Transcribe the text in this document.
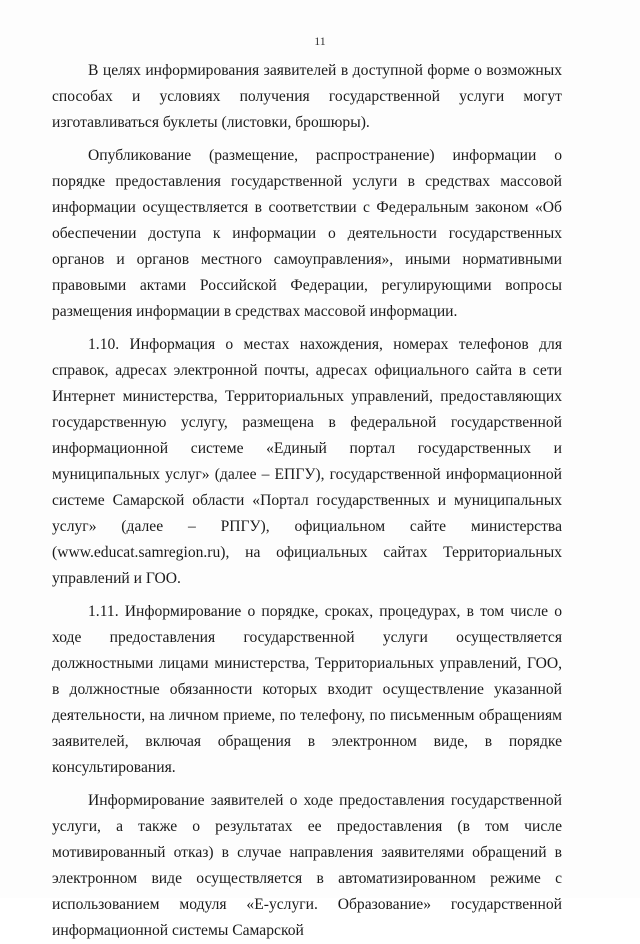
11

В целях информирования заявителей в доступной форме о возможных способах и условиях получения государственной услуги могут изготавливаться буклеты (листовки, брошюры).

Опубликование (размещение, распространение) информации о порядке предоставления государственной услуги в средствах массовой информации осуществляется в соответствии с Федеральным законом «Об обеспечении доступа к информации о деятельности государственных органов и органов местного самоуправления», иными нормативными правовыми актами Российской Федерации, регулирующими вопросы размещения информации в средствах массовой информации.

1.10. Информация о местах нахождения, номерах телефонов для справок, адресах электронной почты, адресах официального сайта в сети Интернет министерства, Территориальных управлений, предоставляющих государственную услугу, размещена в федеральной государственной информационной системе «Единый портал государственных и муниципальных услуг» (далее – ЕПГУ), государственной информационной системе Самарской области «Портал государственных и муниципальных услуг» (далее – РПГУ), официальном сайте министерства (www.educat.samregion.ru), на официальных сайтах Территориальных управлений и ГОО.

1.11. Информирование о порядке, сроках, процедурах, в том числе о ходе предоставления государственной услуги осуществляется должностными лицами министерства, Территориальных управлений, ГОО, в должностные обязанности которых входит осуществление указанной деятельности, на личном приеме, по телефону, по письменным обращениям заявителей, включая обращения в электронном виде, в порядке консультирования.

Информирование заявителей о ходе предоставления государственной услуги, а также о результатах ее предоставления (в том числе мотивированный отказ) в случае направления заявителями обращений в электронном виде осуществляется в автоматизированном режиме с использованием модуля «Е-услуги. Образование» государственной информационной системы Самарской
